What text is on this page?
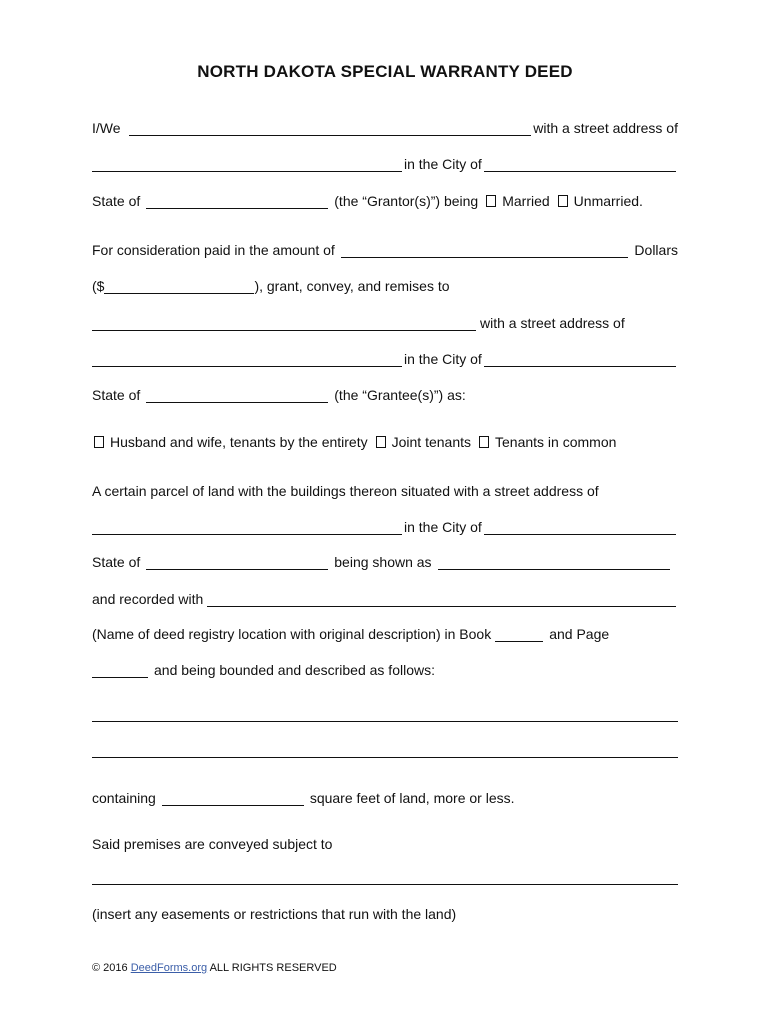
NORTH DAKOTA SPECIAL WARRANTY DEED
I/We	with a street address of
in the City of
State of	(the “Grantor(s)”) being Married Unmarried.
For consideration paid in the amount of	Dollars
($	), grant, convey, and remises to
with a street address of
in the City of
State of	(the “Grantee(s)”) as:
Husband and wife, tenants by the entirety Joint tenants Tenants in common
A certain parcel of land with the buildings thereon situated with a street address of
in the City of
State of	being shown as
and recorded with
(Name of deed registry location with original description) in Book	and Page
and being bounded and described as follows:
containing	square feet of land, more or less.
Said premises are conveyed subject to
(insert any easements or restrictions that run with the land)
© 2016 DeedForms.org ALL RIGHTS RESERVED
